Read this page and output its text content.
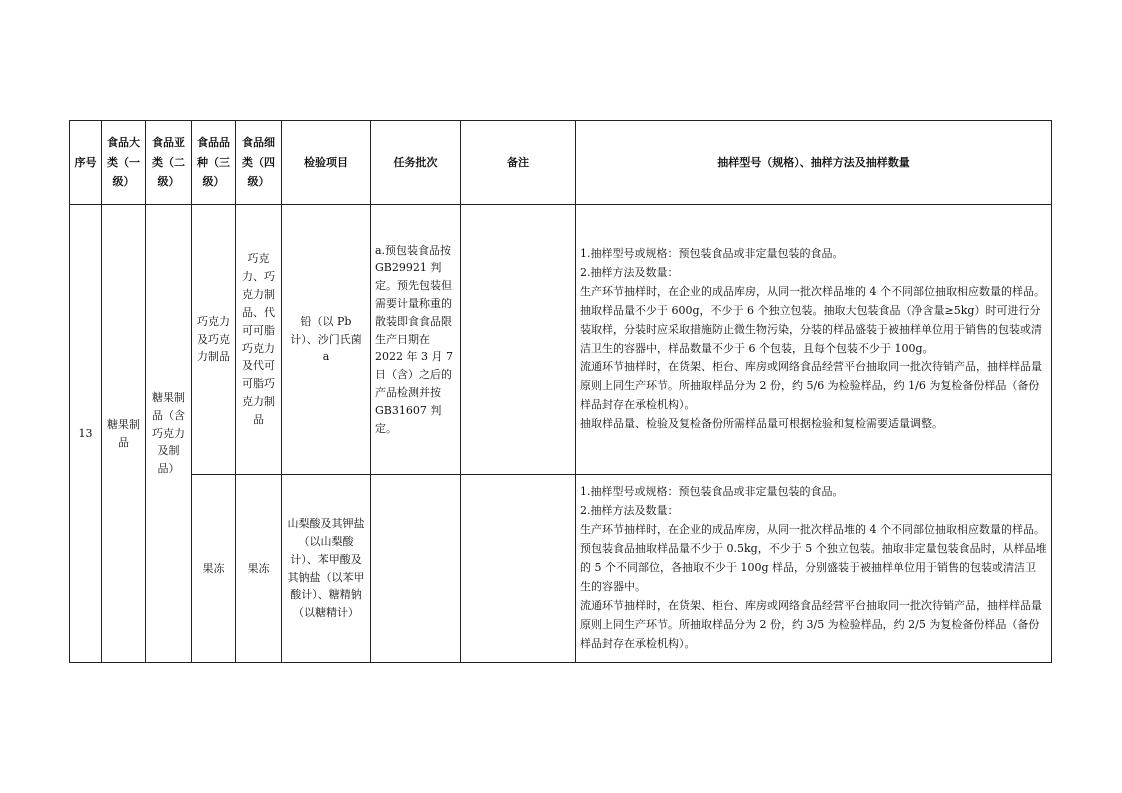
序号	食品大类（一级）	食品亚类（二级）	食品品种（三级）	食品细类（四级）	检验项目	任务批次	备注	抽样型号（规格）、抽样方法及抽样数量
13	糖果制品	糖果制品（含巧克力及制品）	巧克力及巧克力制品	巧克力、巧克力制品、代可可脂巧克力及代可可脂巧克力制品	铅（以 Pb 计）、沙门氏菌 a	a.预包装食品按 GB29921 判定。预先包装但需要计量称重的散装即食食品限生产日期在 2022 年 3 月 7 日（含）之后的产品检测并按 GB31607 判定。		1.抽样型号或规格：预包装食品或非定量包装的食品。

2.抽样方法及数量：

生产环节抽样时，在企业的成品库房，从同一批次样品堆的 4 个不同部位抽取相应数量的样品。抽取样品量不少于 600g，不少于 6 个独立包装。抽取大包装食品（净含量≥5kg）时可进行分装取样，分装时应采取措施防止微生物污染，分装的样品盛装于被抽样单位用于销售的包装或清洁卫生的容器中，样品数量不少于 6 个包装，且每个包装不少于 100g。

流通环节抽样时，在货架、柜台、库房或网络食品经营平台抽取同一批次待销产品，抽样样品量原则上同生产环节。所抽取样品分为 2 份，约 5/6 为检验样品，约 1/6 为复检备份样品（备份样品封存在承检机构）。

抽取样品量、检验及复检备份所需样品量可根据检验和复检需要适量调整。

			果冻	果冻	山梨酸及其钾盐（以山梨酸计）、苯甲酸及其钠盐（以苯甲酸计）、糖精钠（以糖精计）			1.抽样型号或规格：预包装食品或非定量包装的食品。

2.抽样方法及数量：

生产环节抽样时，在企业的成品库房，从同一批次样品堆的 4 个不同部位抽取相应数量的样品。预包装食品抽取样品量不少于 0.5kg，不少于 5 个独立包装。抽取非定量包装食品时，从样品堆的 5 个不同部位，各抽取不少于 100g 样品，分别盛装于被抽样单位用于销售的包装或清洁卫生的容器中。

流通环节抽样时，在货架、柜台、库房或网络食品经营平台抽取同一批次待销产品，抽样样品量原则上同生产环节。所抽取样品分为 2 份，约 3/5 为检验样品，约 2/5 为复检备份样品（备份样品封存在承检机构）。
